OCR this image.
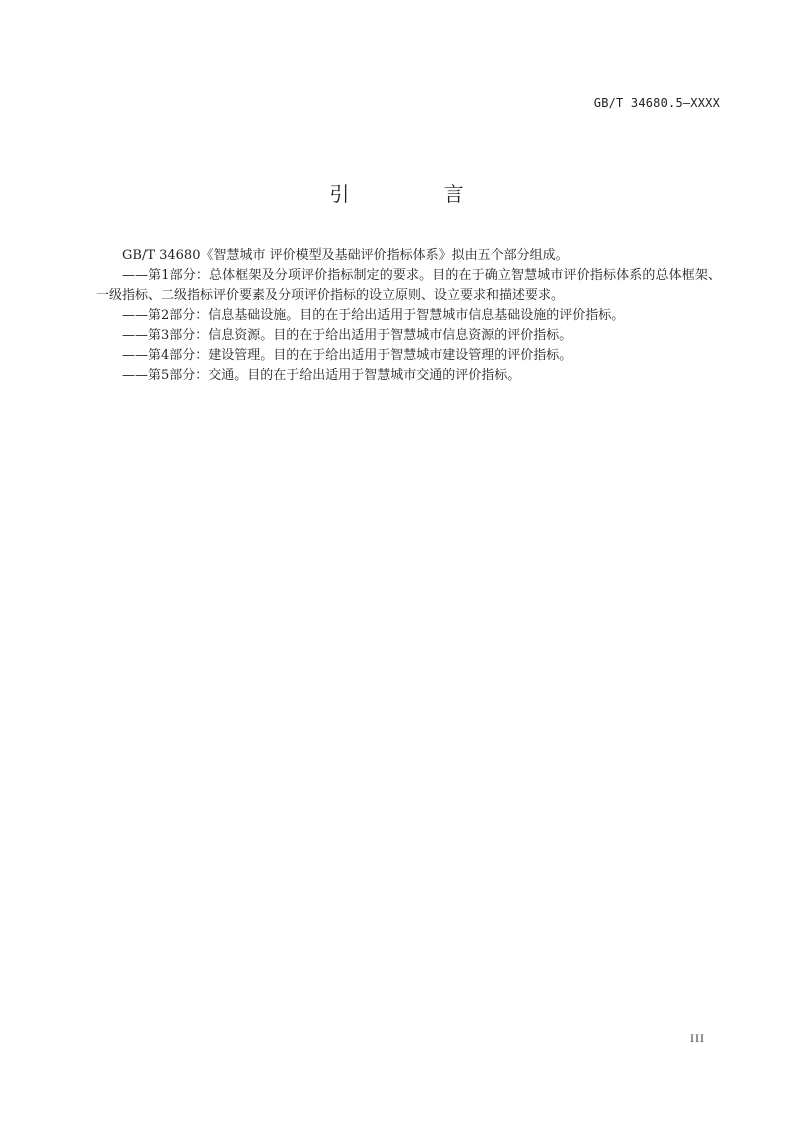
GB/T 34680.5—XXXX
引 言

GB/T 34680《智慧城市 评价模型及基础评价指标体系》拟由五个部分组成。

——第1部分：总体框架及分项评价指标制定的要求。目的在于确立智慧城市评价指标体系的总体框架、一级指标、二级指标评价要素及分项评价指标的设立原则、设立要求和描述要求。

——第2部分：信息基础设施。目的在于给出适用于智慧城市信息基础设施的评价指标。

——第3部分：信息资源。目的在于给出适用于智慧城市信息资源的评价指标。

——第4部分：建设管理。目的在于给出适用于智慧城市建设管理的评价指标。

——第5部分：交通。目的在于给出适用于智慧城市交通的评价指标。

III
